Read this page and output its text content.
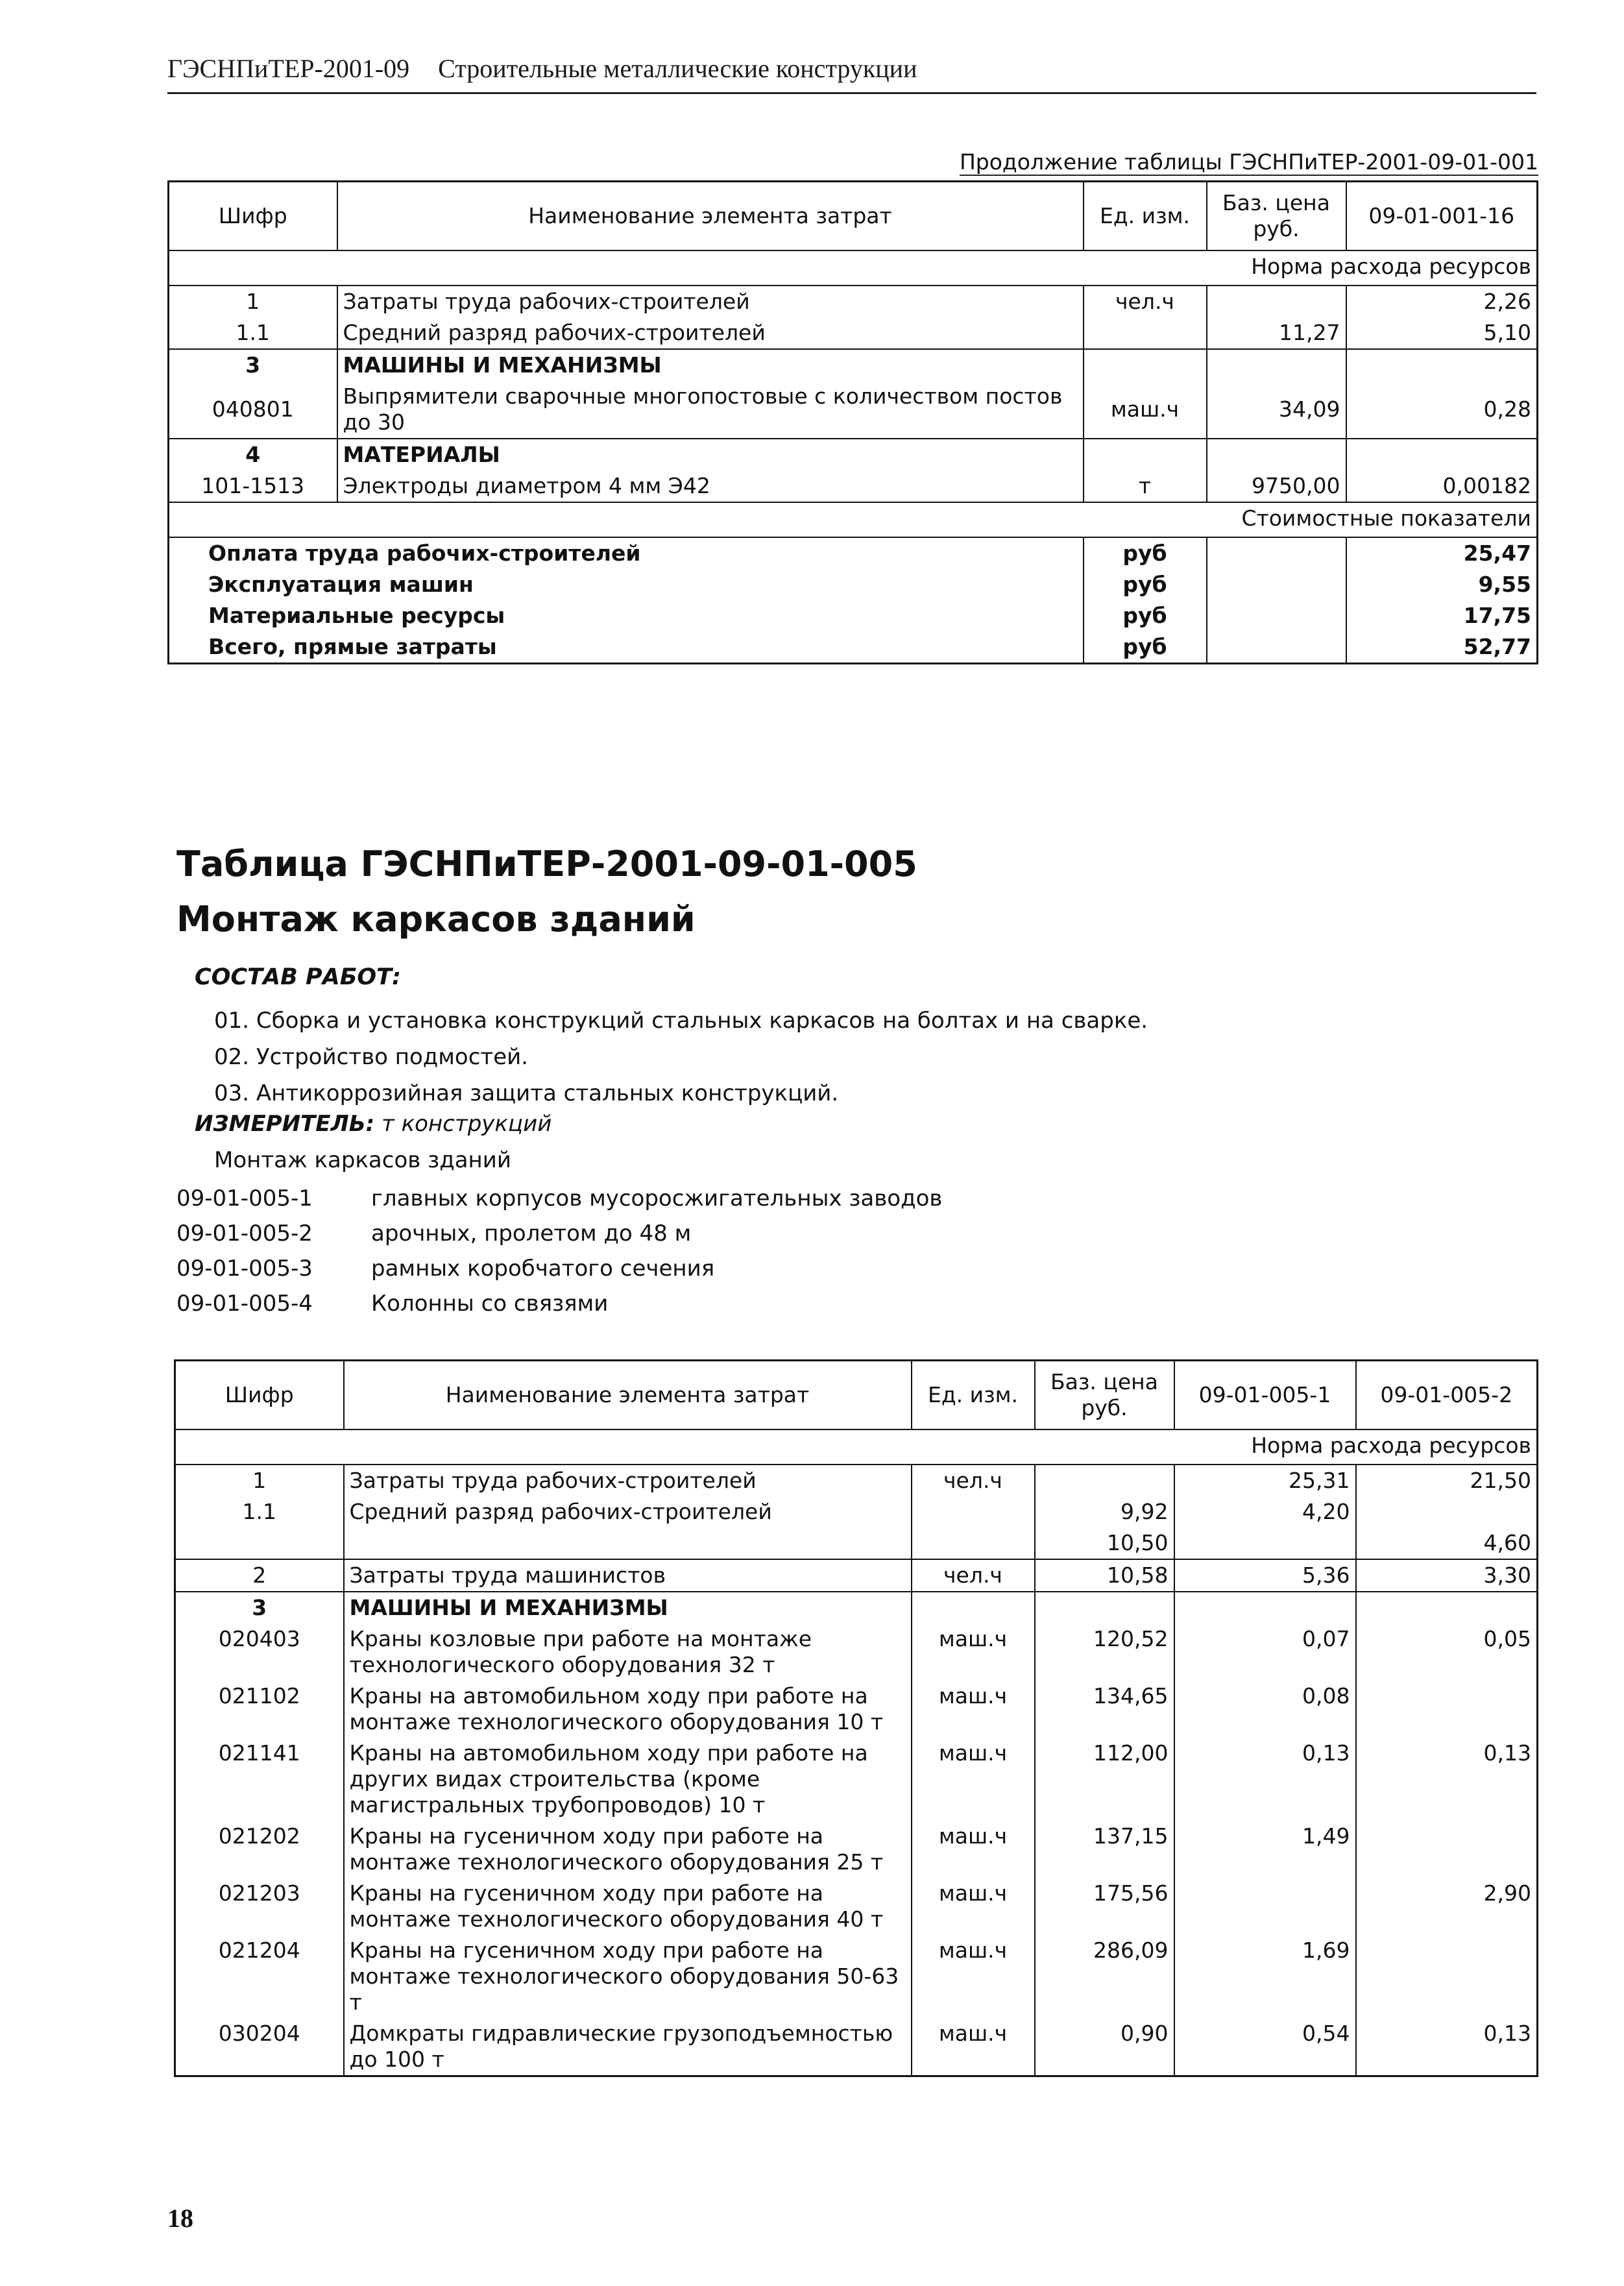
ГЭСНПиТЕР-2001-09 Строительные металлические конструкции
Продолжение таблицы ГЭСНПиТЕР-2001-09-01-001
Шифр	Наименование элемента затрат	Ед. изм.	Баз. цена руб.	09-01-001-16
Норма расхода ресурсов				
1	Затраты труда рабочих-строителей	чел.ч		2,26
1.1	Средний разряд рабочих-строителей		11,27	5,10
3	МАШИНЫ И МЕХАНИЗМЫ			
040801	Выпрямители сварочные многопостовые с количеством постов до 30	маш.ч	34,09	0,28
4	МАТЕРИАЛЫ			
101-1513	Электроды диаметром 4 мм Э42	т	9750,00	0,00182
Стоимостные показатели				
Оплата труда рабочих-строителей		руб		25,47
Эксплуатация машин		руб		9,55
Материальные ресурсы		руб		17,75
Всего, прямые затраты		руб		52,77
Таблица ГЭСНПиТЕР-2001-09-01-005
Монтаж каркасов зданий
СОСТАВ РАБОТ:
01. Сборка и установка конструкций стальных каркасов на болтах и на сварке.
02. Устройство подмостей.
03. Антикоррозийная защита стальных конструкций.
ИЗМЕРИТЕЛЬ: т конструкций
Монтаж каркасов зданий
09-01-005-1	главных корпусов мусоросжигательных заводов
09-01-005-2	арочных, пролетом до 48 м
09-01-005-3	рамных коробчатого сечения
09-01-005-4	Колонны со связями
Шифр	Наименование элемента затрат	Ед. изм.	Баз. цена руб.	09-01-005-1	09-01-005-2
Норма расхода ресурсов					
1	Затраты труда рабочих-строителей	чел.ч		25,31	21,50
1.1	Средний разряд рабочих-строителей		9,92	4,20	
			10,50		4,60
2	Затраты труда машинистов	чел.ч	10,58	5,36	3,30
3	МАШИНЫ И МЕХАНИЗМЫ				
020403	Краны козловые при работе на монтаже технологического оборудования 32 т	маш.ч	120,52	0,07	0,05
021102	Краны на автомобильном ходу при работе на монтаже технологического оборудования 10 т	маш.ч	134,65	0,08	
021141	Краны на автомобильном ходу при работе на других видах строительства (кроме магистральных трубопроводов) 10 т	маш.ч	112,00	0,13	0,13
021202	Краны на гусеничном ходу при работе на монтаже технологического оборудования 25 т	маш.ч	137,15	1,49	
021203	Краны на гусеничном ходу при работе на монтаже технологического оборудования 40 т	маш.ч	175,56		2,90
021204	Краны на гусеничном ходу при работе на монтаже технологического оборудования 50-63 т	маш.ч	286,09	1,69	
030204	Домкраты гидравлические грузоподъемностью до 100 т	маш.ч	0,90	0,54	0,13
18
